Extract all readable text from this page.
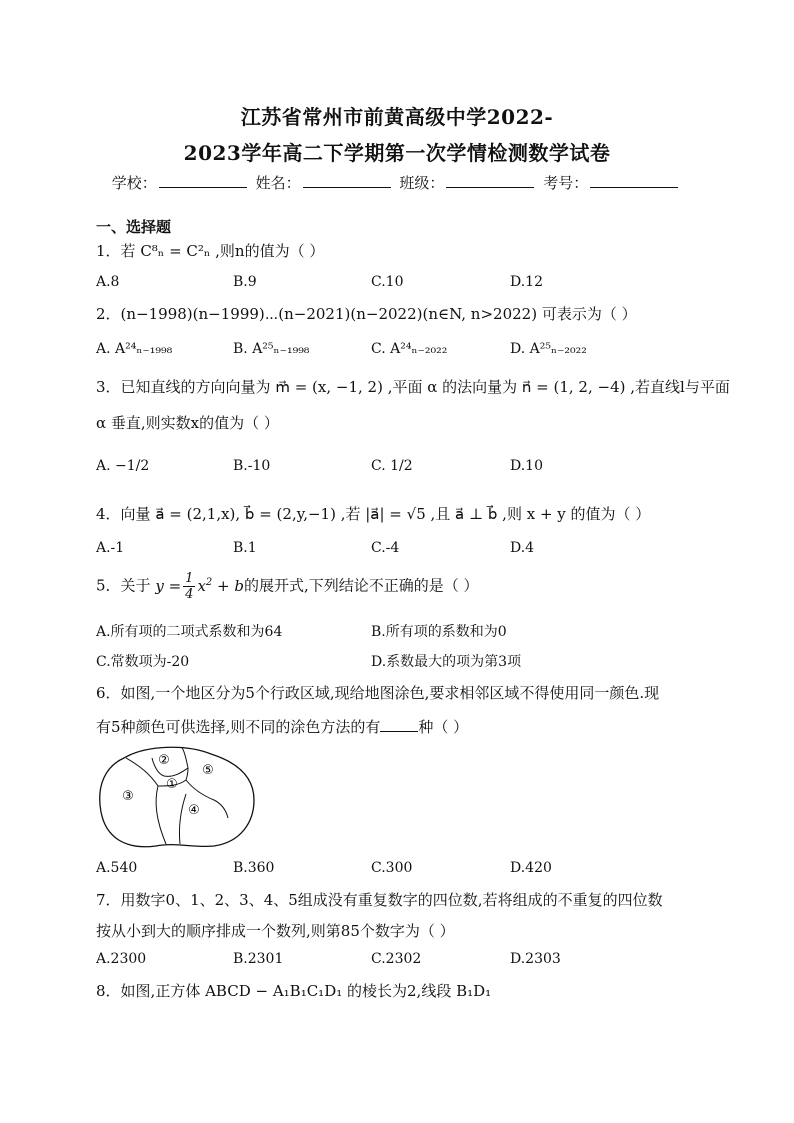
江苏省常州市前黄高级中学2022-
2023学年高二下学期第一次学情检测数学试卷
学校：	姓名：	班级：	考号：
一、选择题
1．若 C⁸ₙ = C²ₙ ,则n的值为（ ）
A.8	B.9	C.10	D.12
2．(n−1998)(n−1999)⋯(n−2021)(n−2022)(n∈N, n>2022) 可表示为（ ）
A. A²⁴ₙ₋₁₉₉₈	B. A²⁵ₙ₋₁₉₉₈	C. A²⁴ₙ₋₂₀₂₂	D. A²⁵ₙ₋₂₀₂₂
3．已知直线的方向向量为 m⃗ = (x, −1, 2) ,平面 α 的法向量为 n⃗ = (1, 2, −4) ,若直线l与平面
α 垂直,则实数x的值为（ ）
A. −1/2	B.-10	C. 1/2	D.10
4．向量 a⃗ = (2,1,x), b⃗ = (2,y,−1) ,若 |a⃗| = √5 ,且 a⃗ ⊥ b⃗ ,则 x + y 的值为（ ）
A.-1	B.1	C.-4	D.4
5．关于 $y = \frac{1}{4} x^2 + b$的展开式,下列结论不正确的是（ ）
A.所有项的二项式系数和为64	B.所有项的系数和为0
C.常数项为-20	D.系数最大的项为第3项
6．如图,一个地区分为5个行政区域,现给地图涂色,要求相邻区域不得使用同一颜色.现
有5种颜色可供选择,则不同的涂色方法的有	种（ ）
②
①
⑤
③
④
A.540	B.360	C.300	D.420
7．用数字0、1、2、3、4、5组成没有重复数字的四位数,若将组成的不重复的四位数
按从小到大的顺序排成一个数列,则第85个数字为（ ）
A.2300	B.2301	C.2302	D.2303
8．如图,正方体 ABCD − A₁B₁C₁D₁ 的棱长为2,线段 B₁D₁
